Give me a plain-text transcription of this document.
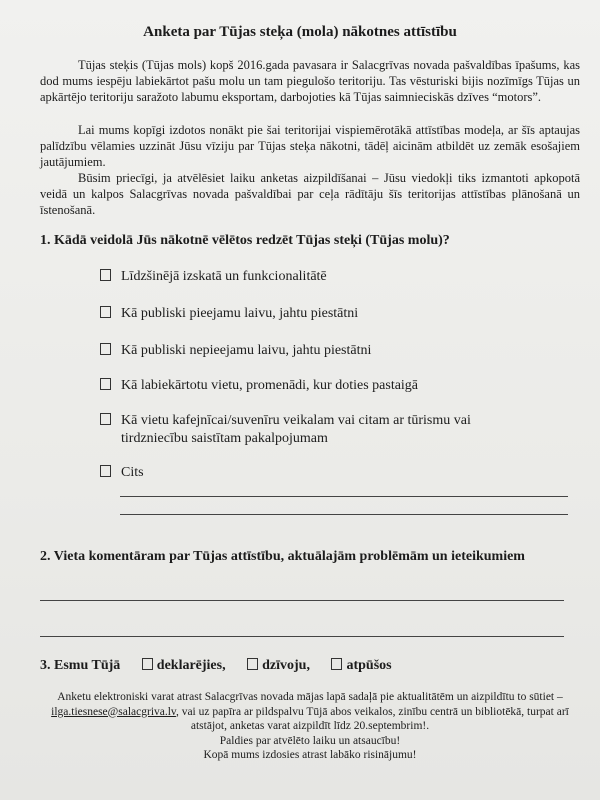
Anketa par Tūjas steķa (mola) nākotnes attīstību

Tūjas steķis (Tūjas mols) kopš 2016.gada pavasara ir Salacgrīvas novada pašvaldības īpašums, kas dod mums iespēju labiekārtot pašu molu un tam piegulošo teritoriju. Tas vēsturiski bijis nozīmīgs Tūjas un apkārtējo teritoriju saražoto labumu eksportam, darbojoties kā Tūjas saimnieciskās dzīves “motors”.

Lai mums kopīgi izdotos nonākt pie šai teritorijai vispiemērotākā attīstības modeļa, ar šīs aptaujas palīdzību vēlamies uzzināt Jūsu vīziju par Tūjas steķa nākotni, tādēļ aicinām atbildēt uz zemāk esošajiem jautājumiem.

Būsim priecīgi, ja atvēlēsiet laiku anketas aizpildīšanai – Jūsu viedokļi tiks izmantoti apkopotā veidā un kalpos Salacgrīvas novada pašvaldībai par ceļa rādītāju šīs teritorijas attīstības plānošanā un īstenošanā.

1. Kādā veidolā Jūs nākotnē vēlētos redzēt Tūjas steķi (Tūjas molu)?
Līdzšinējā izskatā un funkcionalitātē
Kā publiski pieejamu laivu, jahtu piestātni
Kā publiski nepieejamu laivu, jahtu piestātni
Kā labiekārtotu vietu, promenādi, kur doties pastaigā
Kā vietu kafejnīcai/suvenīru veikalam vai citam ar tūrismu vai tirdzniecību saistītam pakalpojumam
Cits
2. Vieta komentāram par Tūjas attīstību, aktuālajām problēmām un ieteikumiem
3. Esmu Tūjā	deklarējies,	dzīvoju,	atpūšos
Anketu elektroniski varat atrast Salacgrīvas novada mājas lapā sadaļā pie aktualitātēm un aizpildītu to sūtiet – ilga.tiesnese@salacgriva.lv, vai uz papīra ar pildspalvu Tūjā abos veikalos, zinību centrā un bibliotēkā, turpat arī atstājot, anketas varat aizpildīt līdz 20.septembrim!.
Paldies par atvēlēto laiku un atsaucību!
Kopā mums izdosies atrast labāko risinājumu!
